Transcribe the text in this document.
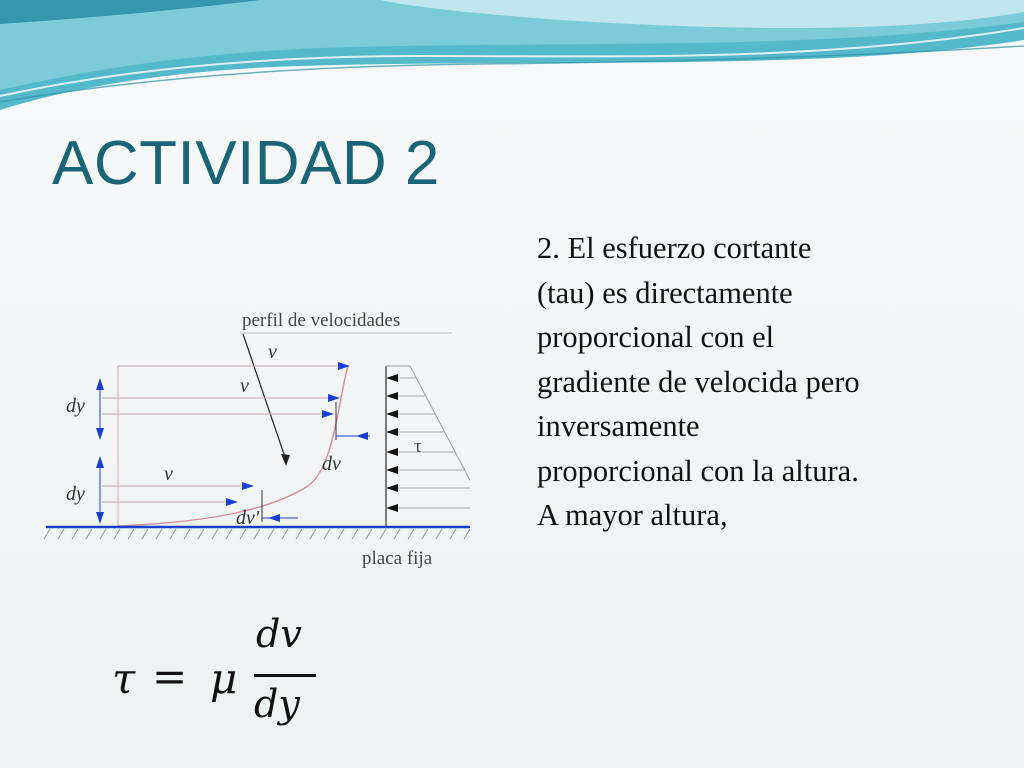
ACTIVIDAD 2
2. El esfuerzo cortante
(tau) es directamente
proporcional con el
gradiente de velocida pero
inversamente
proporcional con la altura.
A mayor altura,
perfil de velocidades
dy
dy
dv
dv'
v
v
v
τ
placa fija
τ = μ
dv
dy
